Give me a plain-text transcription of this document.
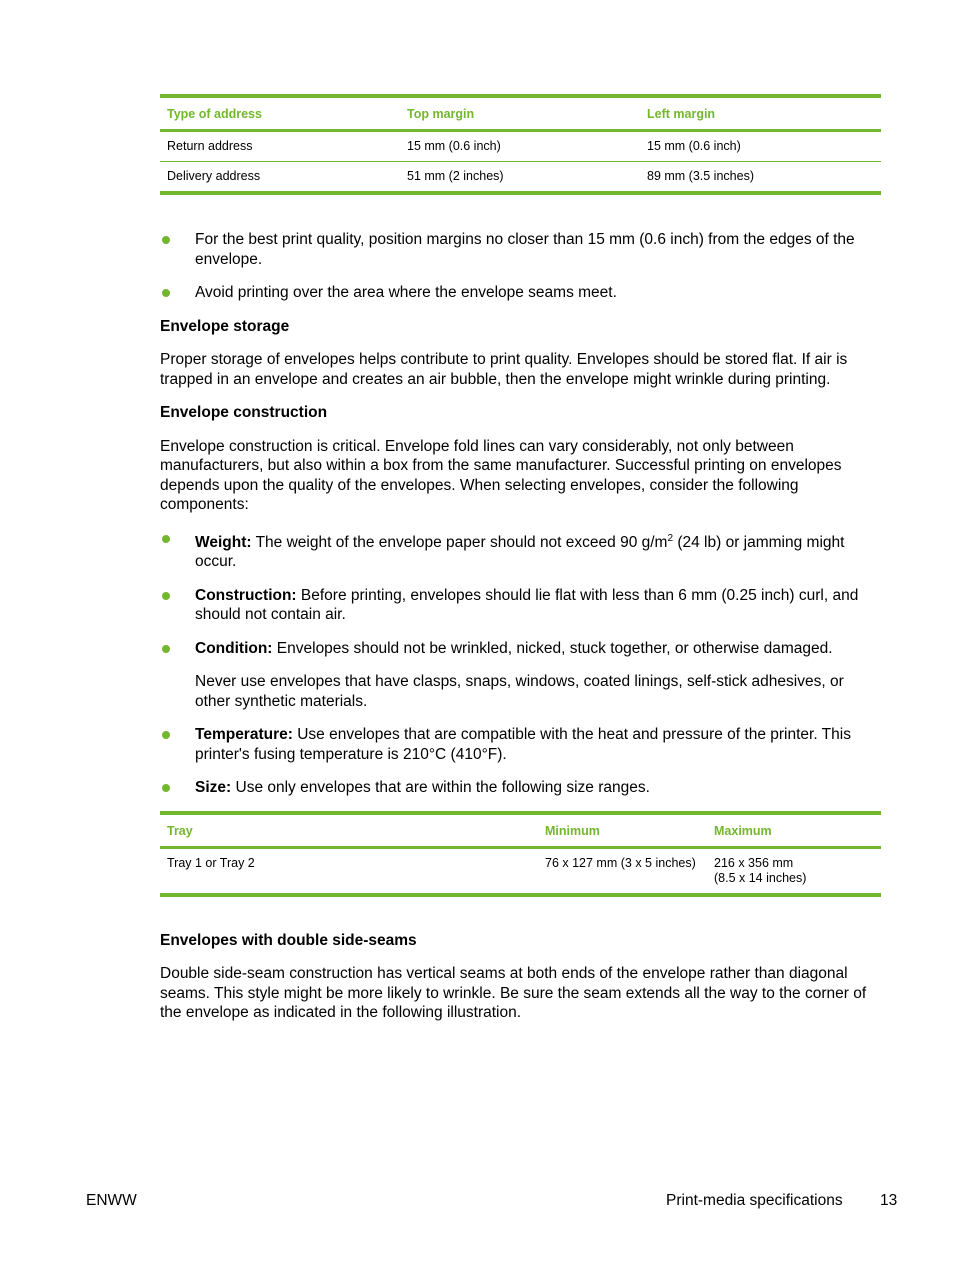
Type of address	Top margin	Left margin
Return address	15 mm (0.6 inch)	15 mm (0.6 inch)
Delivery address	51 mm (2 inches)	89 mm (3.5 inches)
For the best print quality, position margins no closer than 15 mm (0.6 inch) from the edges of the envelope.
Avoid printing over the area where the envelope seams meet.
Envelope storage

Proper storage of envelopes helps contribute to print quality. Envelopes should be stored flat. If air is trapped in an envelope and creates an air bubble, then the envelope might wrinkle during printing.

Envelope construction

Envelope construction is critical. Envelope fold lines can vary considerably, not only between manufacturers, but also within a box from the same manufacturer. Successful printing on envelopes depends upon the quality of the envelopes. When selecting envelopes, consider the following components:

Weight: The weight of the envelope paper should not exceed 90 $g/m^2$ (24 lb) or jamming might occur.
Construction: Before printing, envelopes should lie flat with less than 6 mm (0.25 inch) curl, and should not contain air.
Condition: Envelopes should not be wrinkled, nicked, stuck together, or otherwise damaged.

Never use envelopes that have clasps, snaps, windows, coated linings, self-stick adhesives, or other synthetic materials.

Temperature: Use envelopes that are compatible with the heat and pressure of the printer. This printer's fusing temperature is 210°C (410°F).
Size: Use only envelopes that are within the following size ranges.
Tray	Minimum	Maximum
Tray 1 or Tray 2	76 x 127 mm (3 x 5 inches)	216 x 356 mm
(8.5 x 14 inches)
Envelopes with double side-seams

Double side-seam construction has vertical seams at both ends of the envelope rather than diagonal seams. This style might be more likely to wrinkle. Be sure the seam extends all the way to the corner of the envelope as indicated in the following illustration.

ENWW	Print-media specifications 13
